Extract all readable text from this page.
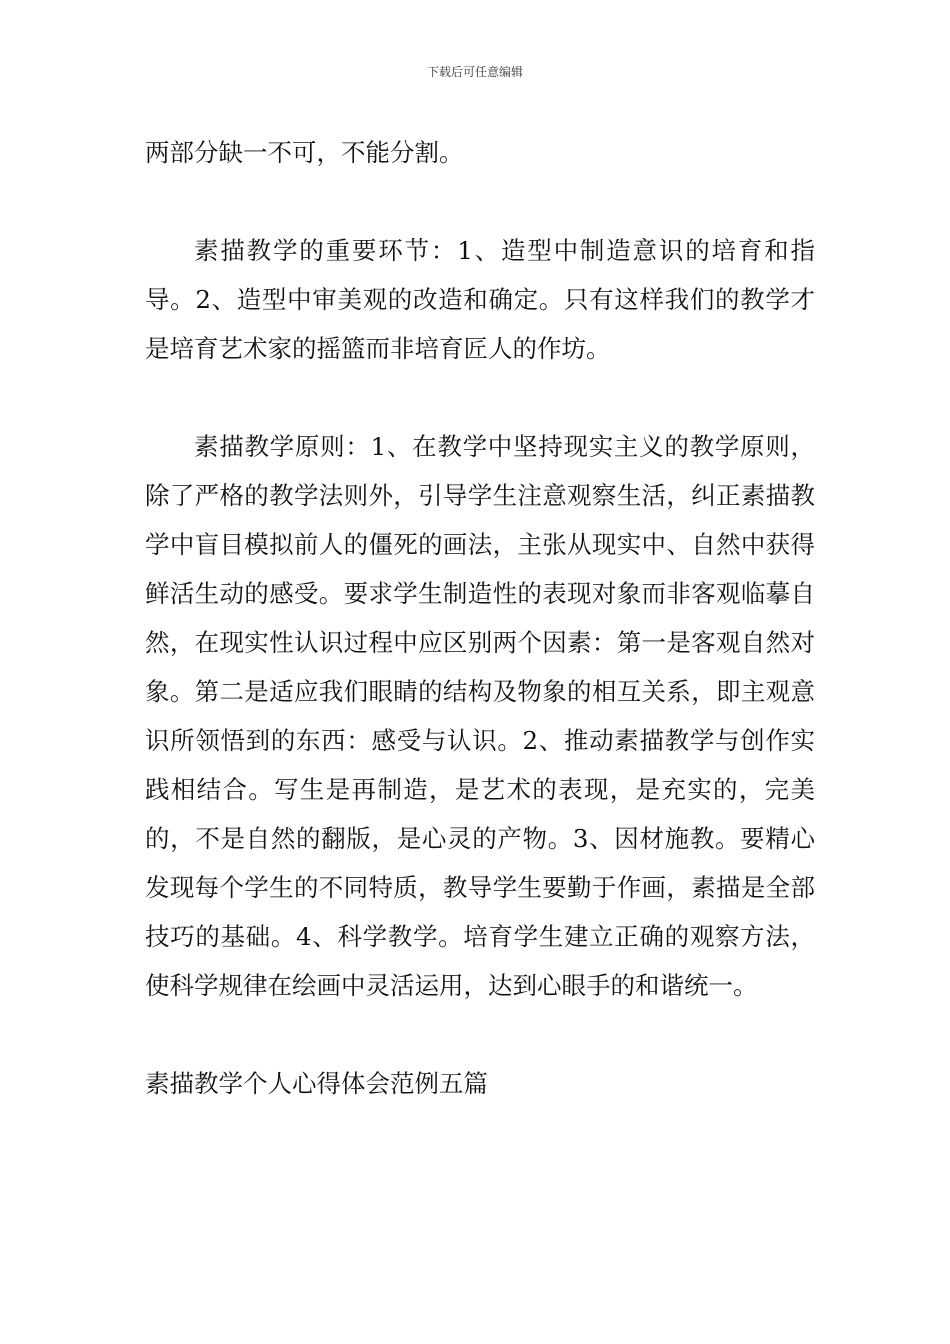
下载后可任意编辑

两部分缺一不可，不能分割。

素描教学的重要环节：1、造型中制造意识的培育和指导。2、造型中审美观的改造和确定。只有这样我们的教学才是培育艺术家的摇篮而非培育匠人的作坊。

素描教学原则：1、在教学中坚持现实主义的教学原则，除了严格的教学法则外，引导学生注意观察生活，纠正素描教学中盲目模拟前人的僵死的画法，主张从现实中、自然中获得鲜活生动的感受。要求学生制造性的表现对象而非客观临摹自然，在现实性认识过程中应区别两个因素：第一是客观自然对象。第二是适应我们眼睛的结构及物象的相互关系，即主观意识所领悟到的东西：感受与认识。2、推动素描教学与创作实践相结合。写生是再制造，是艺术的表现，是充实的，完美的，不是自然的翻版，是心灵的产物。3、因材施教。要精心发现每个学生的不同特质，教导学生要勤于作画，素描是全部技巧的基础。4、科学教学。培育学生建立正确的观察方法，使科学规律在绘画中灵活运用，达到心眼手的和谐统一。

素描教学个人心得体会范例五篇
